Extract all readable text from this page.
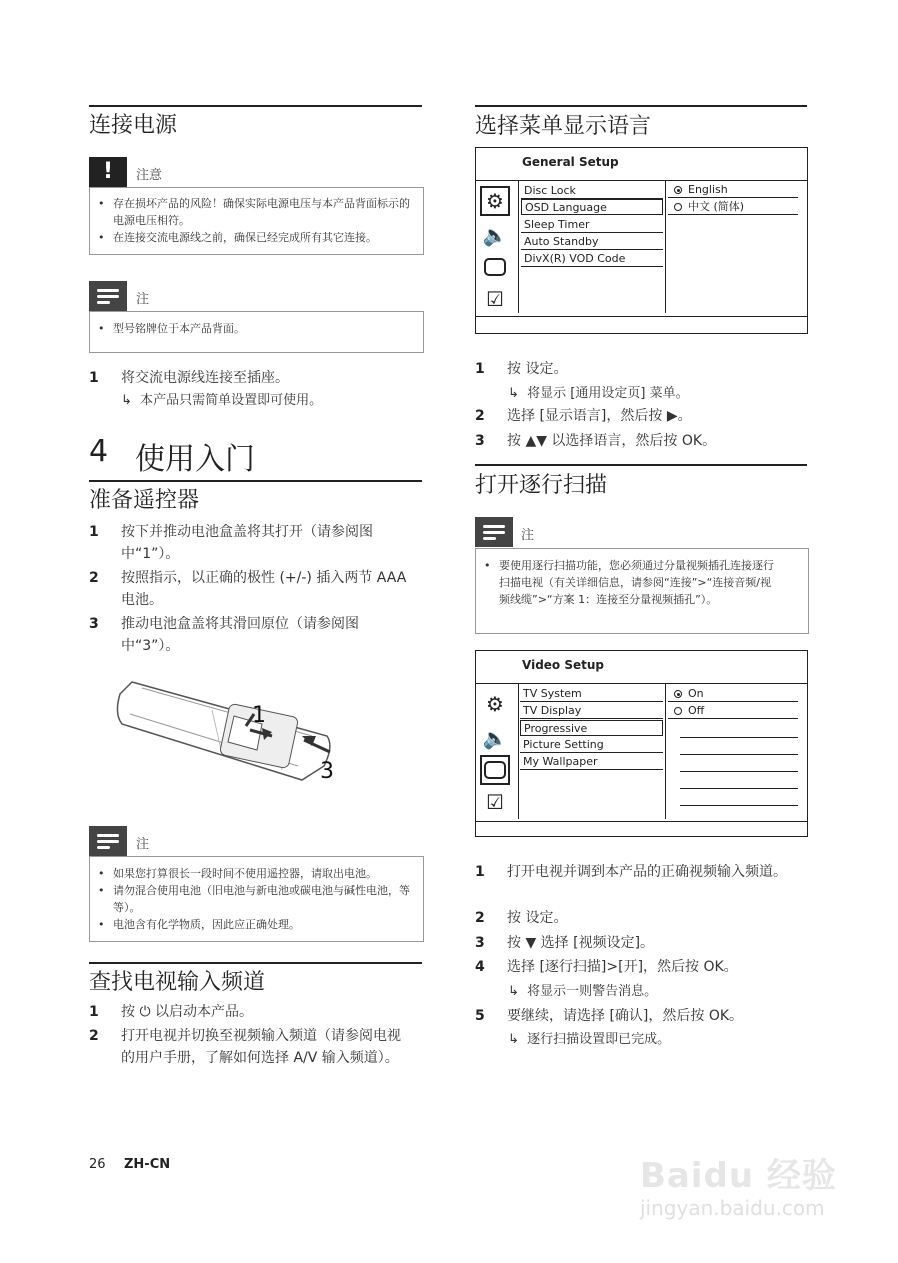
连接电源
!	注意
• 存在损坏产品的风险！确保实际电源电压与本产品背面标示的电源电压相符。
• 在连接交流电源线之前，确保已经完成所有其它连接。
注
• 型号铭牌位于本产品背面。
1 将交流电源线连接至插座。
↳  本产品只需简单设置即可使用。
4 使用入门
准备遥控器
1 按下并推动电池盒盖将其打开（请参阅图中“1”）。
2 按照指示，以正确的极性 (+/-) 插入两节 AAA 电池。
3 推动电池盒盖将其滑回原位（请参阅图中“3”）。
1
3
注
• 如果您打算很长一段时间不使用遥控器，请取出电池。
• 请勿混合使用电池（旧电池与新电池或碳电池与碱性电池，等等）。
• 电池含有化学物质，因此应正确处理。
查找电视输入频道
1 按 ⏻ 以启动本产品。
2 打开电视并切换至视频输入频道（请参阅电视的用户手册，了解如何选择 A/V 输入频道）。
26 ZH-CN
选择菜单显示语言
General Setup
⚙
🔈
☑
Disc Lock
OSD Language
Sleep Timer
Auto Standby
DivX(R) VOD Code
English
中文 (简体)
1 按 设定。
↳  将显示 [通用设定页] 菜单。
2 选择 [显示语言]，然后按 ▶。
3 按 ▲▼ 以选择语言，然后按 OK。
打开逐行扫描
注
• 要使用逐行扫描功能，您必须通过分量视频插孔连接逐行扫描电视（有关详细信息，请参阅“连接”>“连接音频/视频线缆”>“方案 1：连接至分量视频插孔”）。
Video Setup
⚙
🔈
☑
TV System
TV Display
Progressive
Picture Setting
My Wallpaper
On
Off
1 打开电视并调到本产品的正确视频输入频道。
2 按 设定。
3 按 ▼ 选择 [视频设定]。
4 选择 [逐行扫描]>[开]，然后按 OK。
↳  将显示一则警告消息。
5 要继续，请选择 [确认]，然后按 OK。
↳  逐行扫描设置即已完成。
Baidu 经验
jingyan.baidu.com
